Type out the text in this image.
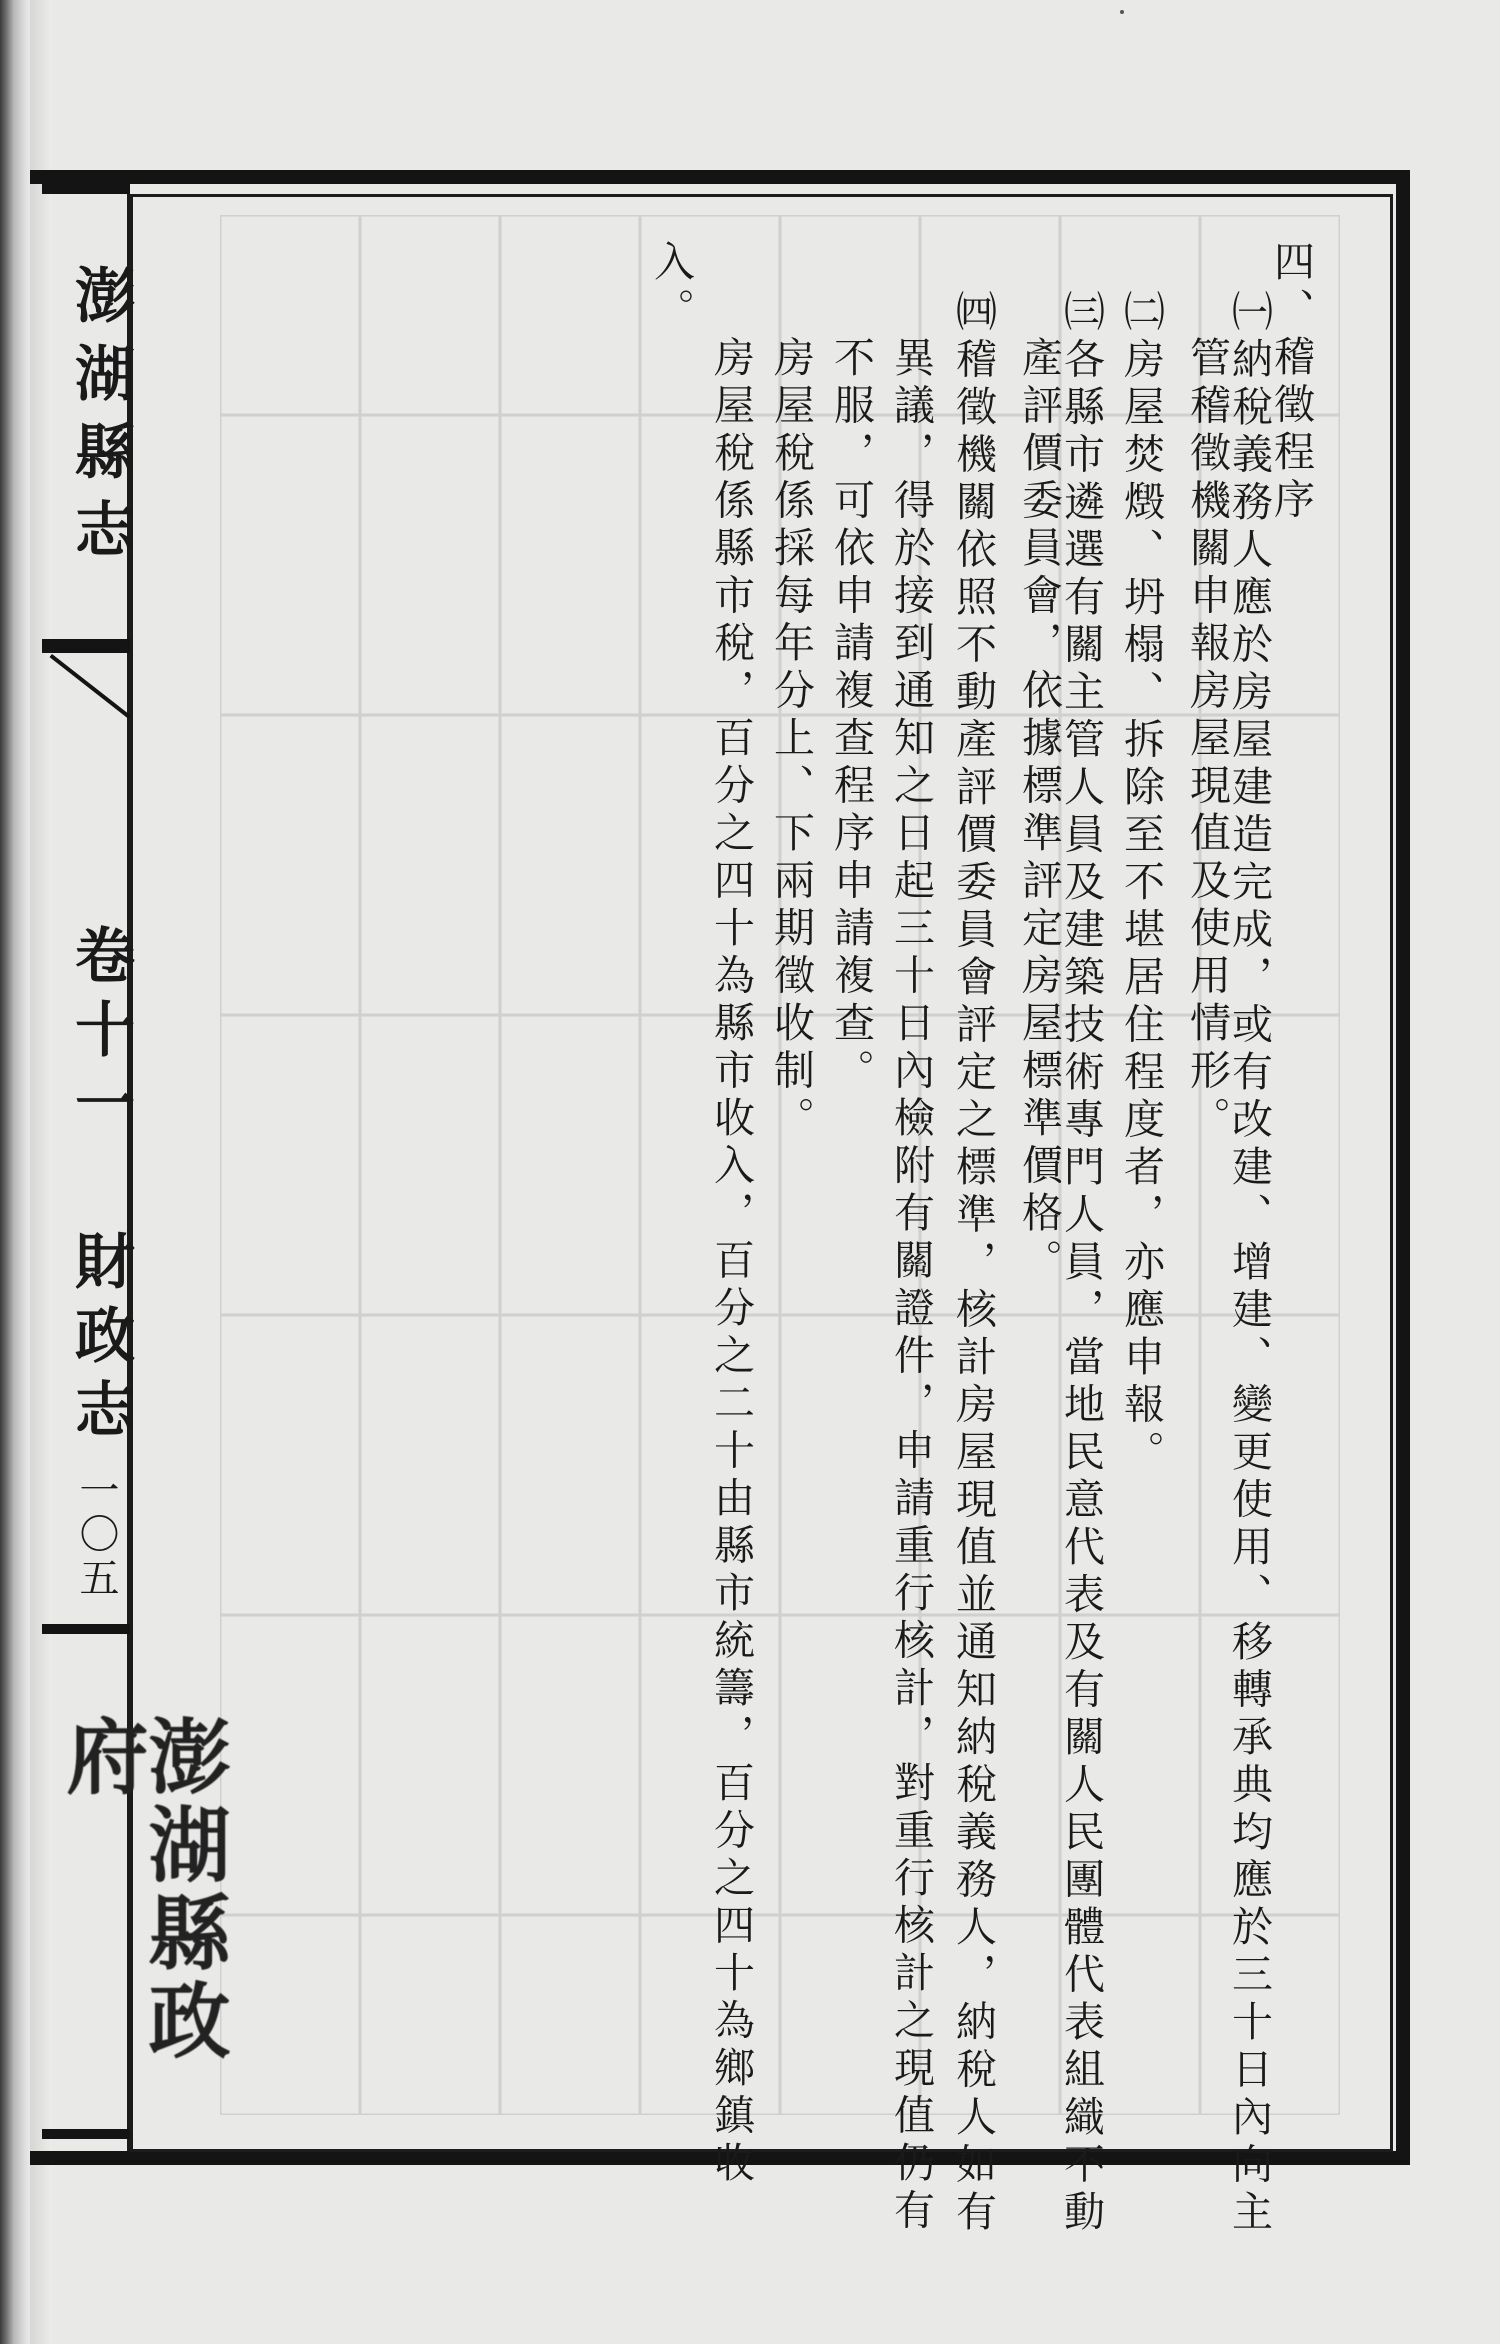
澎湖縣志
卷十一 財政志
一〇五
澎湖縣政府
四、稽徵程序
㈠納稅義務人應於房屋建造完成，或有改建、增建、變更使用、移轉承典均應於三十日內向主
管稽徵機關申報房屋現值及使用情形。
㈡房屋焚燬、坍榻、拆除至不堪居住程度者，亦應申報。
㈢各縣市遴選有關主管人員及建築技術專門人員，當地民意代表及有關人民團體代表組織不動
產評價委員會，依據標準評定房屋標準價格。
㈣稽徵機關依照不動產評價委員會評定之標準，核計房屋現值並通知納稅義務人，納稅人如有
異議，得於接到通知之日起三十日內檢附有關證件，申請重行核計，對重行核計之現值仍有
不服，可依申請複查程序申請複查。
房屋稅係採每年分上、下兩期徵收制。
房屋稅係縣市稅，百分之四十為縣市收入，百分之二十由縣市統籌，百分之四十為鄉鎮收
入。
